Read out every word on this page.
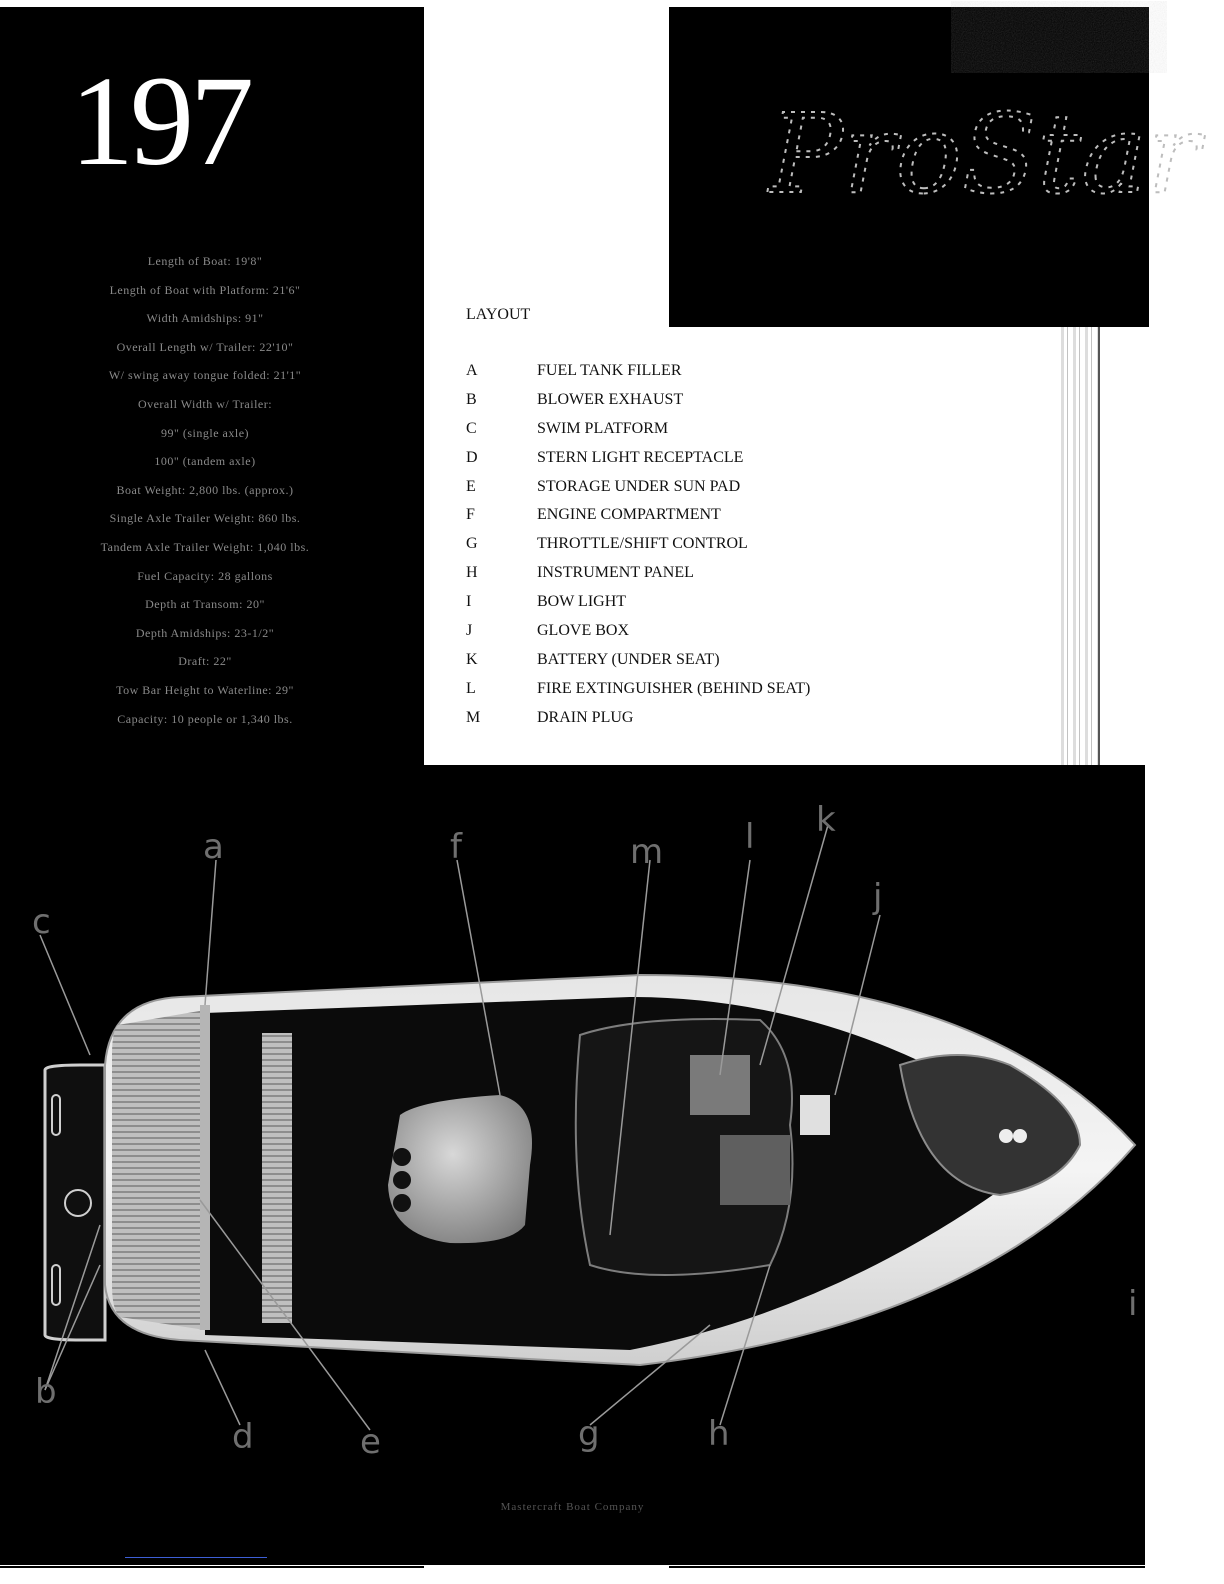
197
Length of Boat: 19'8"
Length of Boat with Platform: 21'6"
Width Amidships: 91"
Overall Length w/ Trailer: 22'10"
W/ swing away tongue folded: 21'1"
Overall Width w/ Trailer:
99" (single axle)
100" (tandem axle)
Boat Weight: 2,800 lbs. (approx.)
Single Axle Trailer Weight: 860 lbs.
Tandem Axle Trailer Weight: 1,040 lbs.
Fuel Capacity: 28 gallons
Depth at Transom: 20"
Depth Amidships: 23-1/2"
Draft: 22"
Tow Bar Height to Waterline: 29"
Capacity: 10 people or 1,340 lbs.
ProStar
LAYOUT
A	FUEL TANK FILLER
B	BLOWER EXHAUST
C	SWIM PLATFORM
D	STERN LIGHT RECEPTACLE
E	STORAGE UNDER SUN PAD
F	ENGINE COMPARTMENT
G	THROTTLE/SHIFT CONTROL
H	INSTRUMENT PANEL
I	BOW LIGHT
J	GLOVE BOX
K	BATTERY (UNDER SEAT)
L	FIRE EXTINGUISHER (BEHIND SEAT)
M	DRAIN PLUG
a
b
c
d	e
f
g	h
i
j
k
l
m
Mastercraft Boat Company
